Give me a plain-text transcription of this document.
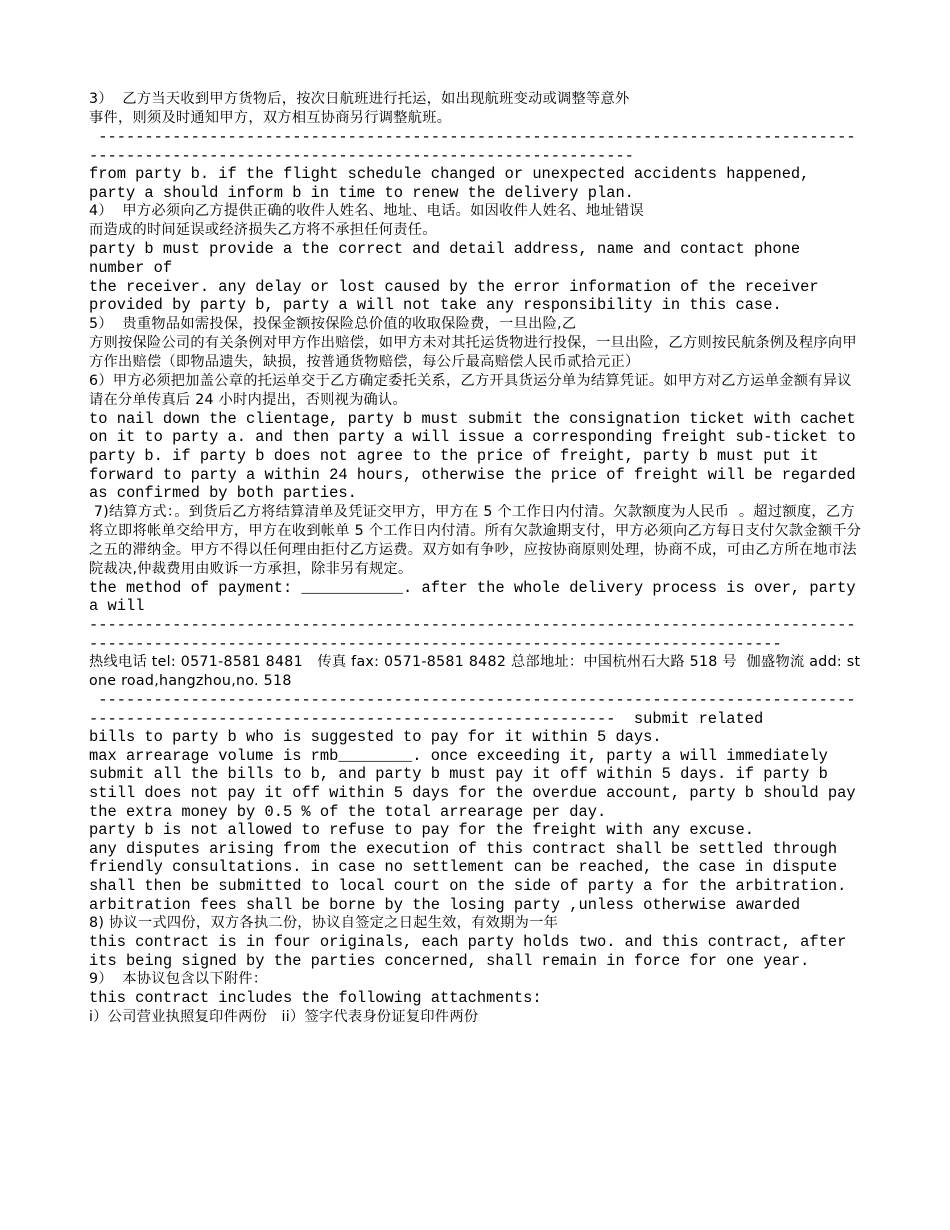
3）  乙方当天收到甲方货物后，按次日航班进行托运，如出现航班变动或调整等意外
事件，则须及时通知甲方，双方相互协商另行调整航班。
---------------------------------------------------------------------------------------------------------------------------------------------
from party b. if the flight schedule changed or unexpected accidents happened, party a should inform b in time to renew the delivery plan.
4）  甲方必须向乙方提供正确的收件人姓名、地址、电话。如因收件人姓名、地址错误
而造成的时间延误或经济损失乙方将不承担任何责任。
party b must provide a the correct and detail address, name and contact phone number of
the receiver. any delay or lost caused by the error information of the receiver provided by party b, party a will not take any responsibility in this case.
5）  贵重物品如需投保，投保金额按保险总价值的收取保险费，一旦出险,乙
方则按保险公司的有关条例对甲方作出赔偿，如甲方未对其托运货物进行投保，一旦出险，乙方则按民航条例及程序向甲方作出赔偿（即物品遗失，缺损，按普通货物赔偿，每公斤最高赔偿人民币贰拾元正）
6）甲方必须把加盖公章的托运单交于乙方确定委托关系，乙方开具货运分单为结算凭证。如甲方对乙方运单金额有异议请在分单传真后 24 小时内提出，否则视为确认。
to nail down the clientage, party b must submit the consignation ticket with cachet on it to party a. and then party a will issue a corresponding freight sub-ticket to party b. if party b does not agree to the price of freight, party b must put it forward to party a within 24 hours, otherwise the price of freight will be regarded as confirmed by both parties.
7)结算方式：。到货后乙方将结算清单及凭证交甲方，甲方在 5 个工作日内付清。欠款额度为人民币  。超过额度，乙方将立即将帐单交给甲方，甲方在收到帐单 5 个工作日内付清。所有欠款逾期支付，甲方必须向乙方每日支付欠款金额千分之五的滞纳金。甲方不得以任何理由拒付乙方运费。双方如有争吵，应按协商原则处理，协商不成，可由乙方所在地市法院裁决,仲裁费用由败诉一方承担，除非另有规定。
the method of payment: ___________. after the whole delivery process is over, party a will
--------------------------------------------------------------------------------------------------------------------------------------------------------------
热线电话 tel: 0571-8581 8481   传真 fax: 0571-8581 8482 总部地址：中国杭州石大路 518 号  伽盛物流 add: stone road,hangzhou,no. 518
-------------------------------------------------------------------------------------------------------------------------------------------  submit related
bills to party b who is suggested to pay for it within 5 days.
max arrearage volume is rmb________. once exceeding it, party a will immediately submit all the bills to b, and party b must pay it off within 5 days. if party b still does not pay it off within 5 days for the overdue account, party b should pay the extra money by 0.5 % of the total arrearage per day.
party b is not allowed to refuse to pay for the freight with any excuse.
any disputes arising from the execution of this contract shall be settled through friendly consultations. in case no settlement can be reached, the case in dispute shall then be submitted to local court on the side of party a for the arbitration.
arbitration fees shall be borne by the losing party ,unless otherwise awarded
8) 协议一式四份，双方各执二份，协议自签定之日起生效，有效期为一年
this contract is in four originals, each party holds two. and this contract, after its being signed by the parties concerned, shall remain in force for one year.
9）  本协议包含以下附件：
this contract includes the following attachments:
i）公司营业执照复印件两份   ii）签字代表身份证复印件两份
